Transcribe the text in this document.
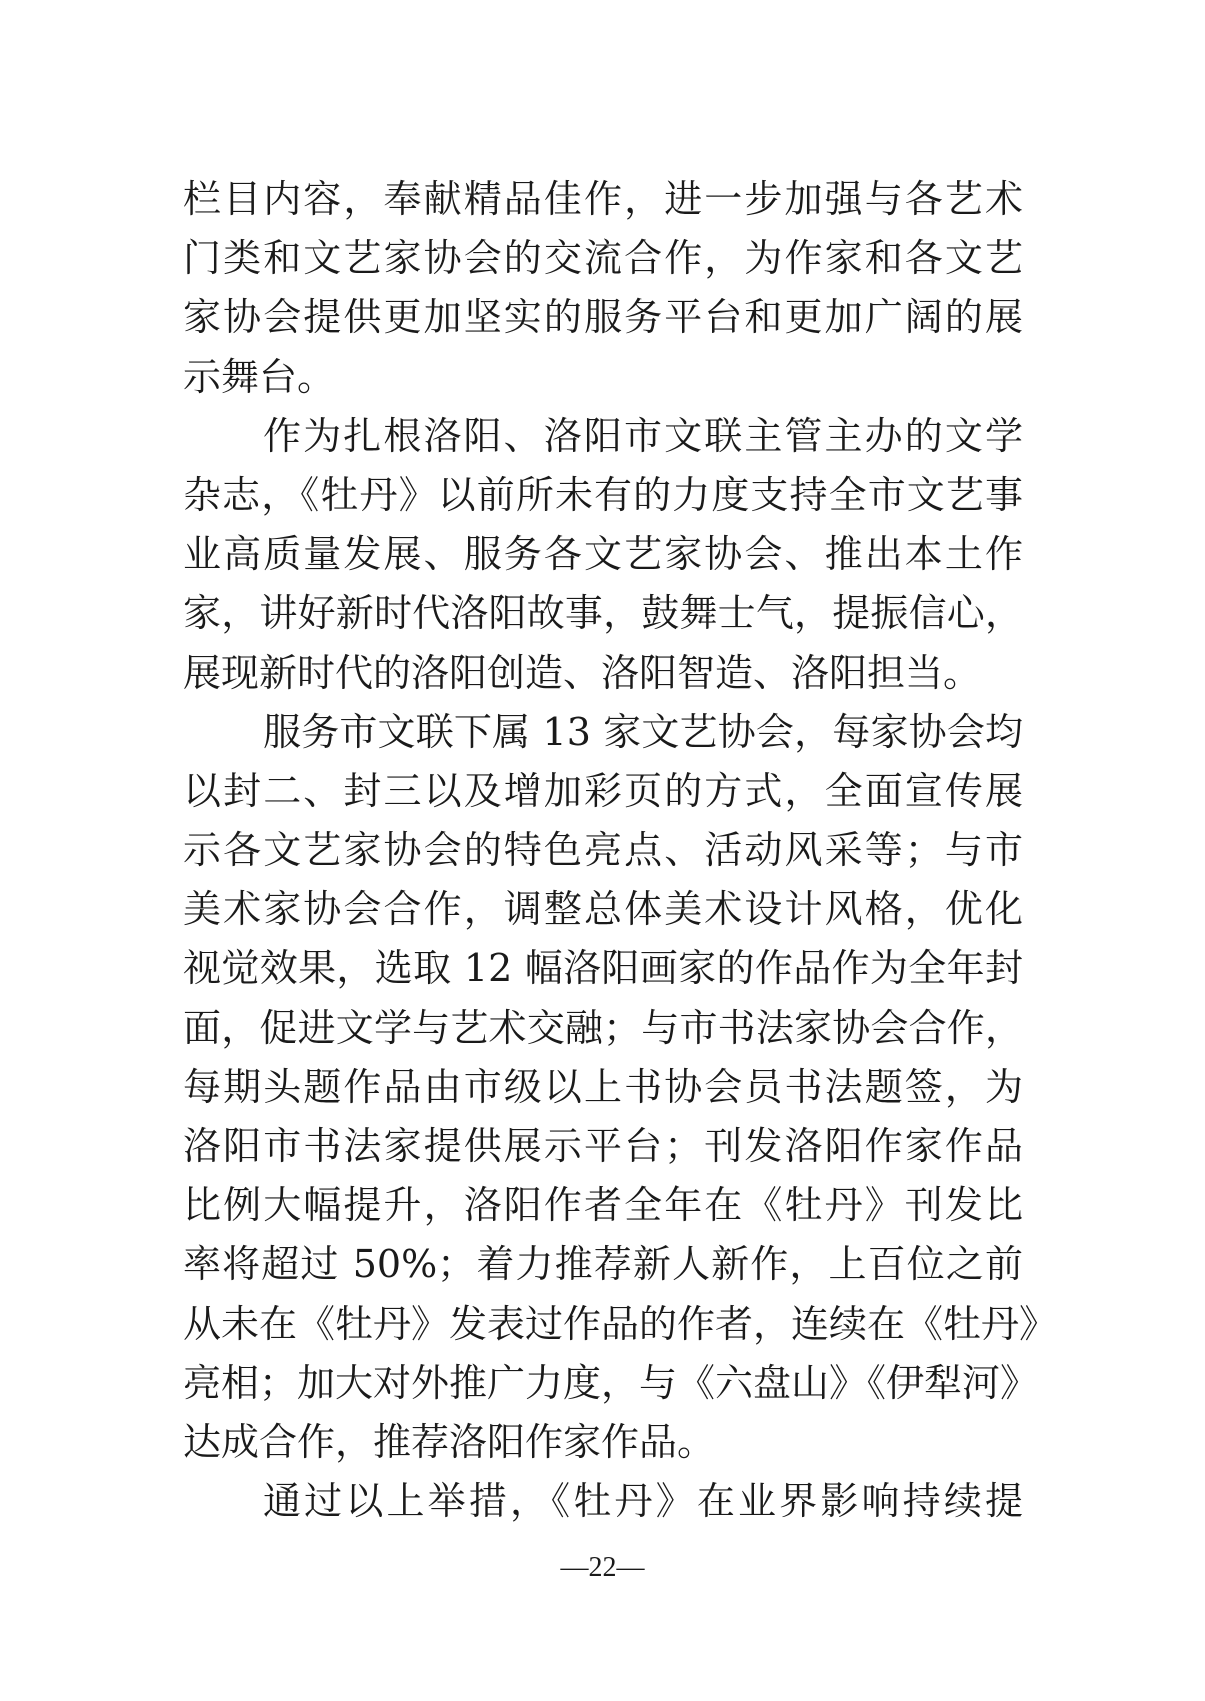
栏目内容，奉献精品佳作，进一步加强与各艺术
门类和文艺家协会的交流合作，为作家和各文艺
家协会提供更加坚实的服务平台和更加广阔的展
示舞台。
作为扎根洛阳、洛阳市文联主管主办的文学
杂志，《牡丹》以前所未有的力度支持全市文艺事
业高质量发展、服务各文艺家协会、推出本土作
家，讲好新时代洛阳故事，鼓舞士气，提振信心，
展现新时代的洛阳创造、洛阳智造、洛阳担当。
服务市文联下属 13 家文艺协会，每家协会均
以封二、封三以及增加彩页的方式，全面宣传展
示各文艺家协会的特色亮点、活动风采等；与市
美术家协会合作，调整总体美术设计风格，优化
视觉效果，选取 12 幅洛阳画家的作品作为全年封
面，促进文学与艺术交融；与市书法家协会合作，
每期头题作品由市级以上书协会员书法题签，为
洛阳市书法家提供展示平台；刊发洛阳作家作品
比例大幅提升，洛阳作者全年在《牡丹》刊发比
率将超过 50%；着力推荐新人新作，上百位之前
从未在《牡丹》发表过作品的作者，连续在《牡丹》
亮相；加大对外推广力度，与《六盘山》《伊犁河》
达成合作，推荐洛阳作家作品。
通过以上举措，《牡丹》在业界影响持续提
—22—
